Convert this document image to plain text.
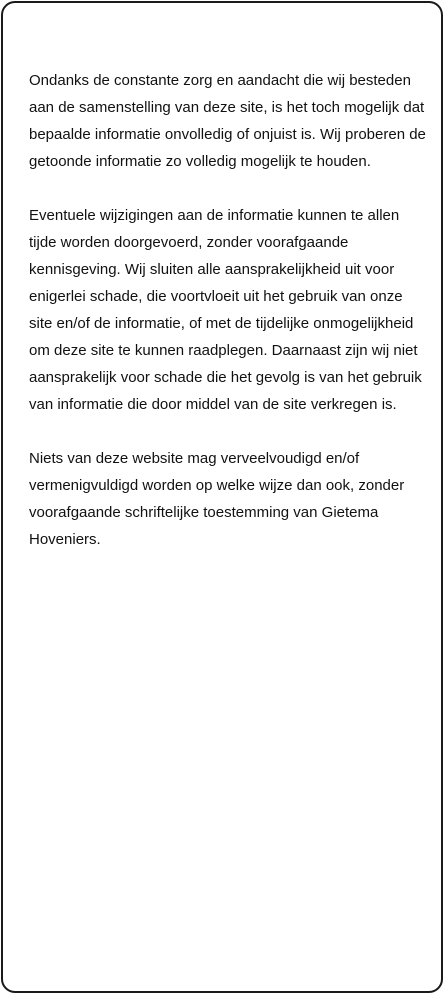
Ondanks de constante zorg en aandacht die wij besteden aan de samenstelling van deze site, is het toch mogelijk dat bepaalde informatie onvolledig of onjuist is. Wij proberen de getoonde informatie zo volledig mogelijk te houden.

Eventuele wijzigingen aan de informatie kunnen te allen tijde worden doorgevoerd, zonder voorafgaande kennisgeving. Wij sluiten alle aansprakelijkheid uit voor enigerlei schade, die voortvloeit uit het gebruik van onze site en/of de informatie, of met de tijdelijke onmogelijkheid om deze site te kunnen raadplegen. Daarnaast zijn wij niet aansprakelijk voor schade die het gevolg is van het gebruik van informatie die door middel van de site verkregen is.

Niets van deze website mag verveelvoudigd en/of vermenigvuldigd worden op welke wijze dan ook, zonder voorafgaande schriftelijke toestemming van Gietema Hoveniers.
